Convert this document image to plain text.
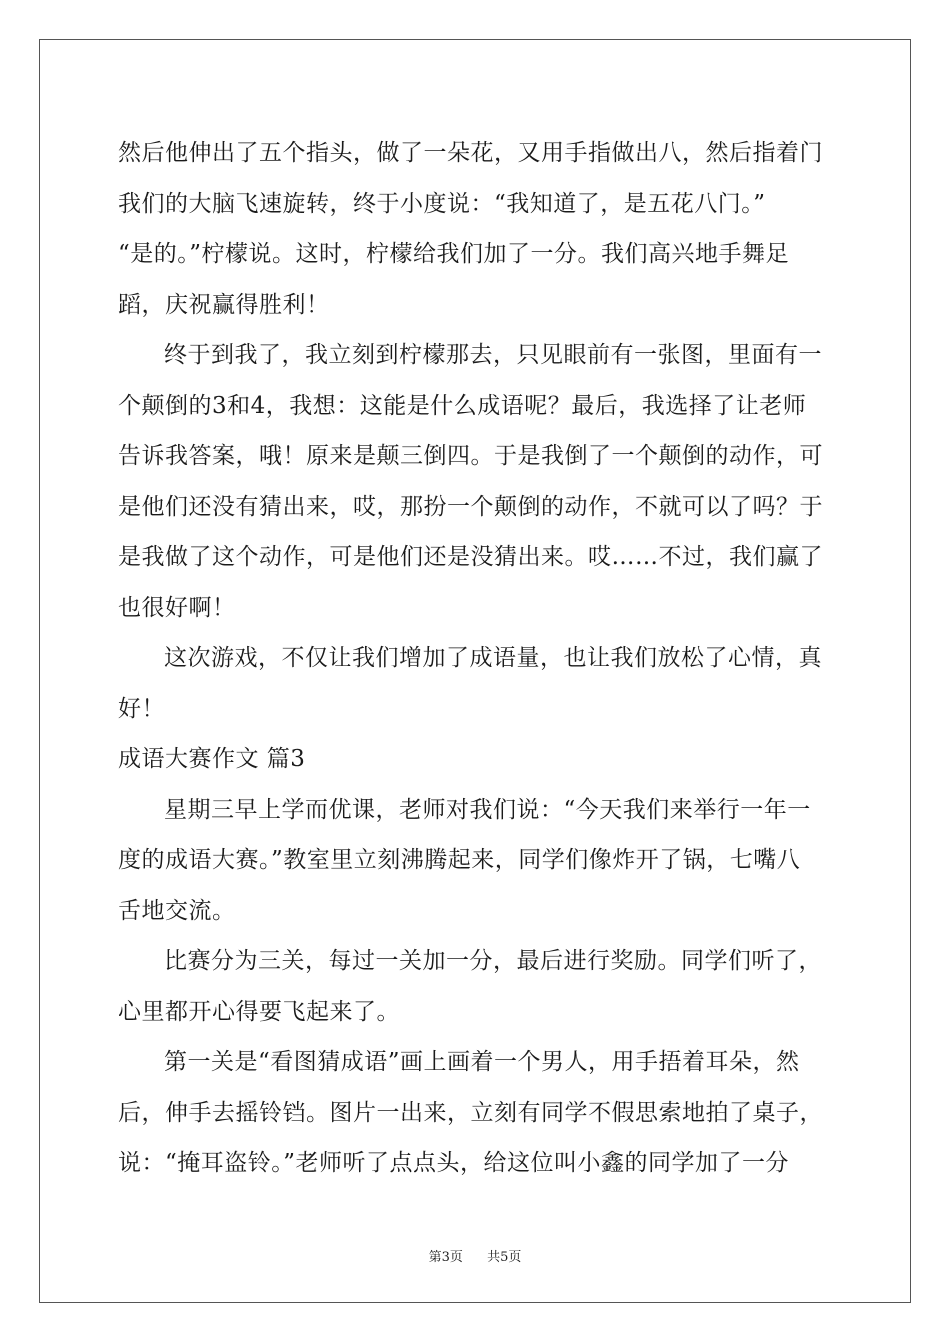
然后他伸出了五个指头，做了一朵花，又用手指做出八，然后指着门
我们的大脑飞速旋转，终于小度说：“我知道了，是五花八门。”
“是的。”柠檬说。这时，柠檬给我们加了一分。我们高兴地手舞足
蹈，庆祝赢得胜利！
终于到我了，我立刻到柠檬那去，只见眼前有一张图，里面有一
个颠倒的3和4，我想：这能是什么成语呢？最后，我选择了让老师
告诉我答案，哦！原来是颠三倒四。于是我倒了一个颠倒的动作，可
是他们还没有猜出来，哎，那扮一个颠倒的动作，不就可以了吗？于
是我做了这个动作，可是他们还是没猜出来。哎……不过，我们赢了
也很好啊！
这次游戏，不仅让我们增加了成语量，也让我们放松了心情，真
好！
成语大赛作文 篇3
星期三早上学而优课，老师对我们说：“今天我们来举行一年一
度的成语大赛。”教室里立刻沸腾起来，同学们像炸开了锅，七嘴八
舌地交流。
比赛分为三关，每过一关加一分，最后进行奖励。同学们听了，
心里都开心得要飞起来了。
第一关是“看图猜成语”画上画着一个男人，用手捂着耳朵，然
后，伸手去摇铃铛。图片一出来，立刻有同学不假思索地拍了桌子，
说：“掩耳盗铃。”老师听了点点头，给这位叫小鑫的同学加了一分
第3页 共5页
